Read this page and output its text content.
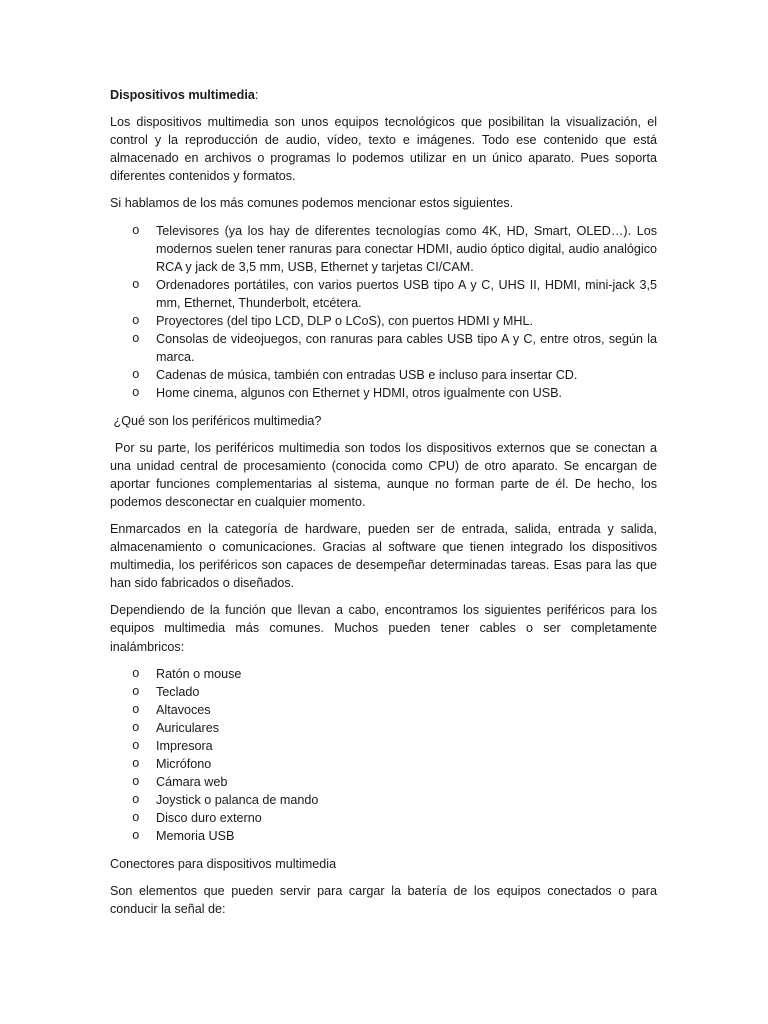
Dispositivos multimedia:

Los dispositivos multimedia son unos equipos tecnológicos que posibilitan la visualización, el control y la reproducción de audio, vídeo, texto e imágenes. Todo ese contenido que está almacenado en archivos o programas lo podemos utilizar en un único aparato. Pues soporta diferentes contenidos y formatos.

Si hablamos de los más comunes podemos mencionar estos siguientes.

o Televisores (ya los hay de diferentes tecnologías como 4K, HD, Smart, OLED…). Los modernos suelen tener ranuras para conectar HDMI, audio óptico digital, audio analógico RCA y jack de 3,5 mm, USB, Ethernet y tarjetas CI/CAM.
o Ordenadores portátiles, con varios puertos USB tipo A y C, UHS II, HDMI, mini-jack 3,5 mm, Ethernet, Thunderbolt, etcétera.
o Proyectores (del tipo LCD, DLP o LCoS), con puertos HDMI y MHL.
o Consolas de videojuegos, con ranuras para cables USB tipo A y C, entre otros, según la marca.
o Cadenas de música, también con entradas USB e incluso para insertar CD.
o Home cinema, algunos con Ethernet y HDMI, otros igualmente con USB.

¿Qué son los periféricos multimedia?

Por su parte, los periféricos multimedia son todos los dispositivos externos que se conectan a una unidad central de procesamiento (conocida como CPU) de otro aparato. Se encargan de aportar funciones complementarias al sistema, aunque no forman parte de él. De hecho, los podemos desconectar en cualquier momento.

Enmarcados en la categoría de hardware, pueden ser de entrada, salida, entrada y salida, almacenamiento o comunicaciones. Gracias al software que tienen integrado los dispositivos multimedia, los periféricos son capaces de desempeñar determinadas tareas. Esas para las que han sido fabricados o diseñados.

Dependiendo de la función que llevan a cabo, encontramos los siguientes periféricos para los equipos multimedia más comunes. Muchos pueden tener cables o ser completamente inalámbricos:

o Ratón o mouse
o Teclado
o Altavoces
o Auriculares
o Impresora
o Micrófono
o Cámara web
o Joystick o palanca de mando
o Disco duro externo
o Memoria USB

Conectores para dispositivos multimedia

Son elementos que pueden servir para cargar la batería de los equipos conectados o para conducir la señal de:
